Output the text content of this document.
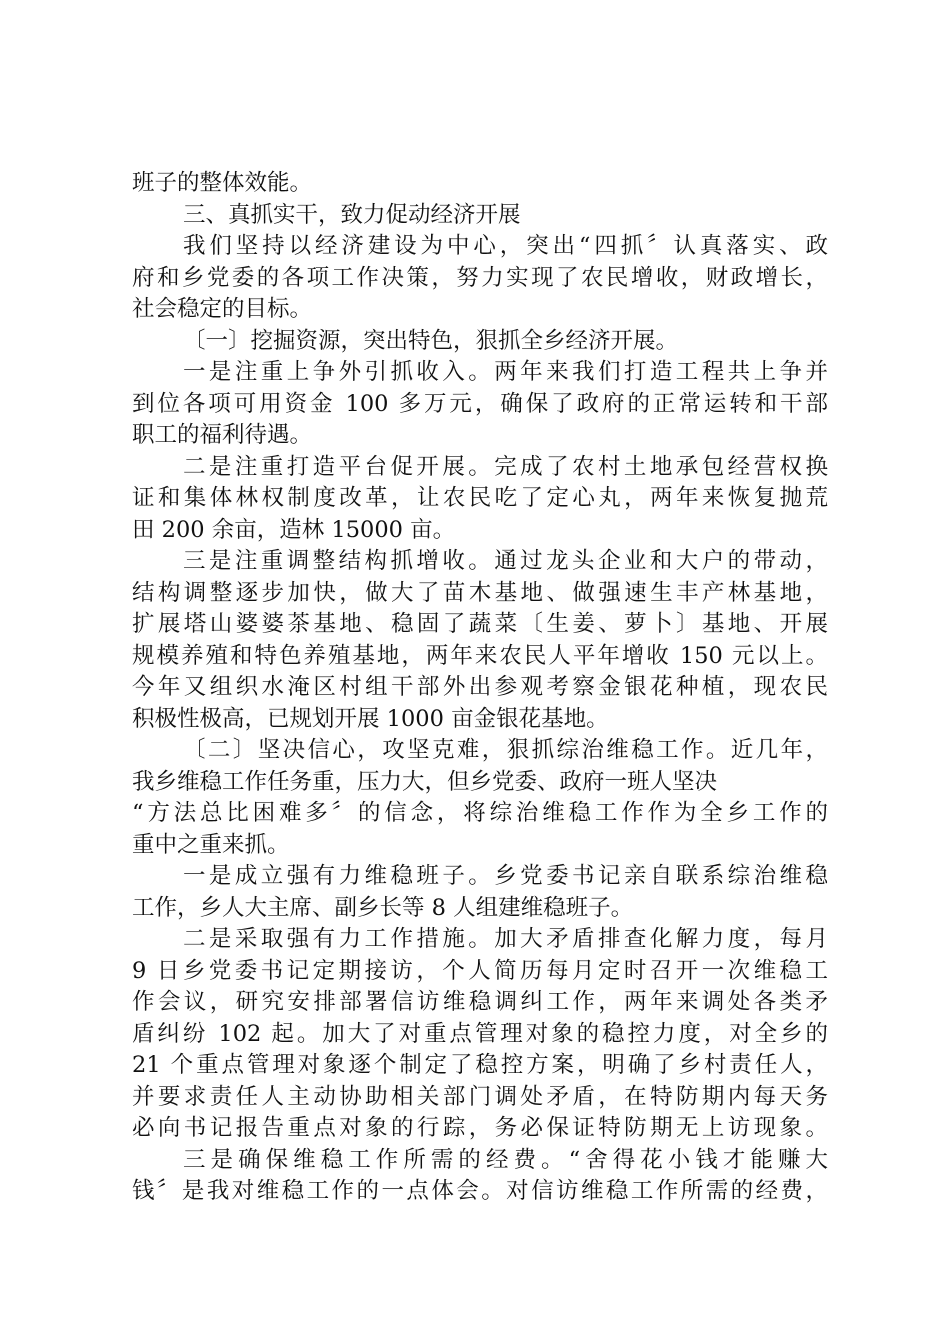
班子的整体效能。
三、真抓实干，致力促动经济开展
我们坚持以经济建设为中心，突出“四抓〞认真落实、政
府和乡党委的各项工作决策，努力实现了农民增收，财政增长，
社会稳定的目标。
〔一〕挖掘资源，突出特色，狠抓全乡经济开展。
一是注重上争外引抓收入。两年来我们打造工程共上争并
到位各项可用资金 100 多万元，确保了政府的正常运转和干部
职工的福利待遇。
二是注重打造平台促开展。完成了农村土地承包经营权换
证和集体林权制度改革，让农民吃了定心丸，两年来恢复抛荒
田 200 余亩，造林 15000 亩。
三是注重调整结构抓增收。通过龙头企业和大户的带动，
结构调整逐步加快，做大了苗木基地、做强速生丰产林基地，
扩展塔山婆婆茶基地、稳固了蔬菜〔生姜、萝卜〕基地、开展
规模养殖和特色养殖基地，两年来农民人平年增收 150 元以上。
今年又组织水淹区村组干部外出参观考察金银花种植，现农民
积极性极高，已规划开展 1000 亩金银花基地。
〔二〕坚决信心，攻坚克难，狠抓综治维稳工作。近几年，
我乡维稳工作任务重，压力大，但乡党委、政府一班人坚决
“方法总比困难多〞的信念，将综治维稳工作作为全乡工作的
重中之重来抓。
一是成立强有力维稳班子。乡党委书记亲自联系综治维稳
工作，乡人大主席、副乡长等 8 人组建维稳班子。
二是采取强有力工作措施。加大矛盾排查化解力度，每月
9 日乡党委书记定期接访，个人简历每月定时召开一次维稳工
作会议，研究安排部署信访维稳调纠工作，两年来调处各类矛
盾纠纷 102 起。加大了对重点管理对象的稳控力度，对全乡的
21 个重点管理对象逐个制定了稳控方案，明确了乡村责任人，
并要求责任人主动协助相关部门调处矛盾，在特防期内每天务
必向书记报告重点对象的行踪，务必保证特防期无上访现象。
三是确保维稳工作所需的经费。“舍得花小钱才能赚大
钱〞是我对维稳工作的一点体会。对信访维稳工作所需的经费，
